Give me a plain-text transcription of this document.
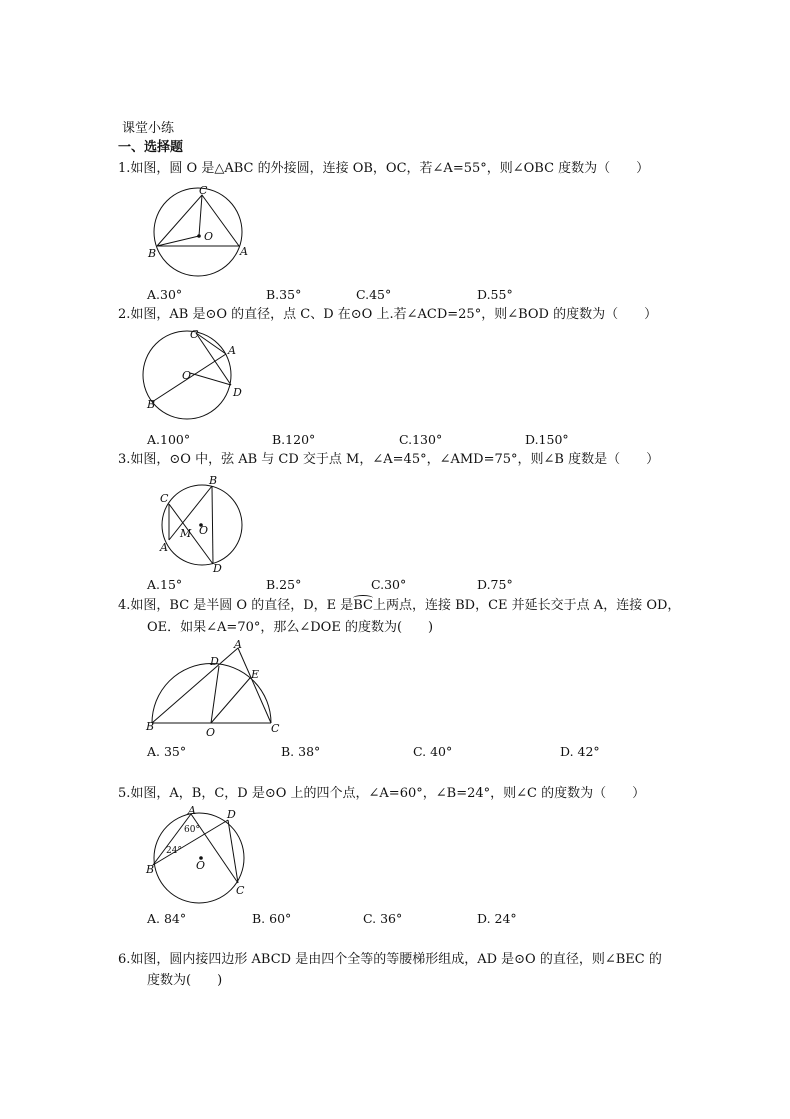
课堂小练
一、选择题
1.如图，圆 O 是△ABC 的外接圆，连接 OB，OC，若∠A=55°，则∠OBC 度数为（　　）
C
O
B	A
A.30°	B.35°	C.45°	D.55°
2.如图，AB 是⊙O 的直径，点 C、D 在⊙O 上.若∠ACD=25°，则∠BOD 的度数为（　　）
C
A
O
D
B
A.100°	B.120°	C.130°	D.150°
3.如图，⊙O 中，弦 AB 与 CD 交于点 M，∠A=45°，∠AMD=75°，则∠B 度数是（　　）
B
C
M O
A
D
A.15°	B.25°	C.30°	D.75°
4.如图，BC 是半圆 O 的直径，D，E 是BC上两点，连接 BD，CE 并延长交于点 A，连接 OD，
OE．如果∠A=70°，那么∠DOE 的度数为(　　)
A
D
E
B	O	C
A. 35°	B. 38°	C. 40°	D. 42°
5.如图，A，B，C，D 是⊙O 上的四个点，∠A=60°，∠B=24°，则∠C 的度数为（　　）
A
60°
D
24°
B	O
C
A. 84°	B. 60°	C. 36°	D. 24°
6.如图，圆内接四边形 ABCD 是由四个全等的等腰梯形组成，AD 是⊙O 的直径，则∠BEC 的
度数为(　　)
